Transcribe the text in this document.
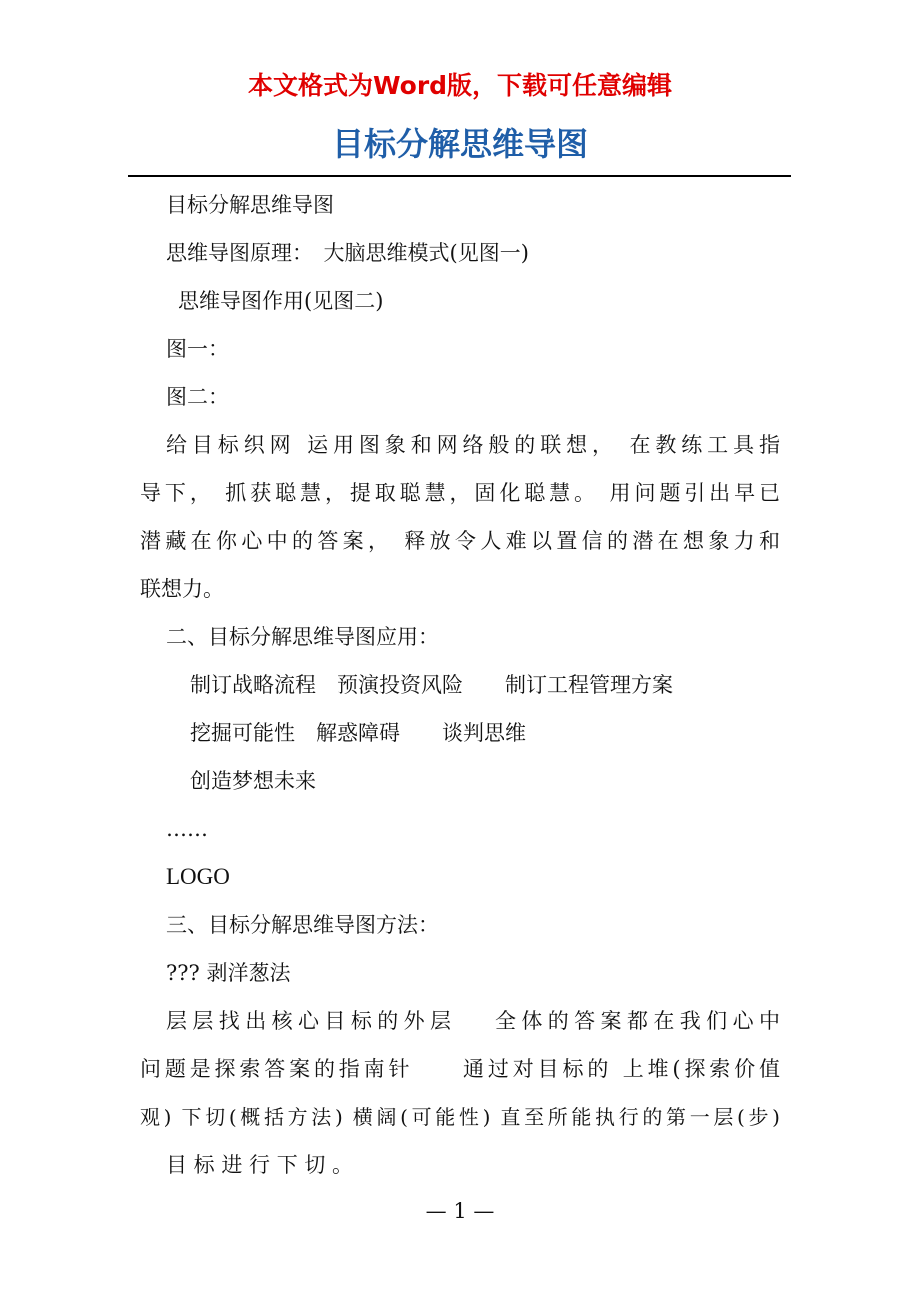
本文格式为Word版，下载可任意编辑
目标分解思维导图
目标分解思维导图
思维导图原理：　大脑思维模式(见图一)
思维导图作用(见图二)
图一：
图二：
给目标织网 运用图象和网络般的联想， 在教练工具指
导下， 抓获聪慧，提取聪慧，固化聪慧。 用问题引出早已
潜藏在你心中的答案， 释放令人难以置信的潜在想象力和
联想力。
二、目标分解思维导图应用：
制订战略流程　预演投资风险　　制订工程管理方案
挖掘可能性　解惑障碍　　谈判思维
创造梦想未来
……
LOGO
三、目标分解思维导图方法：
??? 剥洋葱法
层层找出核心目标的外层　 全体的答案都在我们心中
问题是探索答案的指南针　　通过对目标的 上堆(探索价值
观) 下切(概括方法) 横阔(可能性) 直至所能执行的第一层(步)
目 标 进 行 下 切 。
— 1 —
